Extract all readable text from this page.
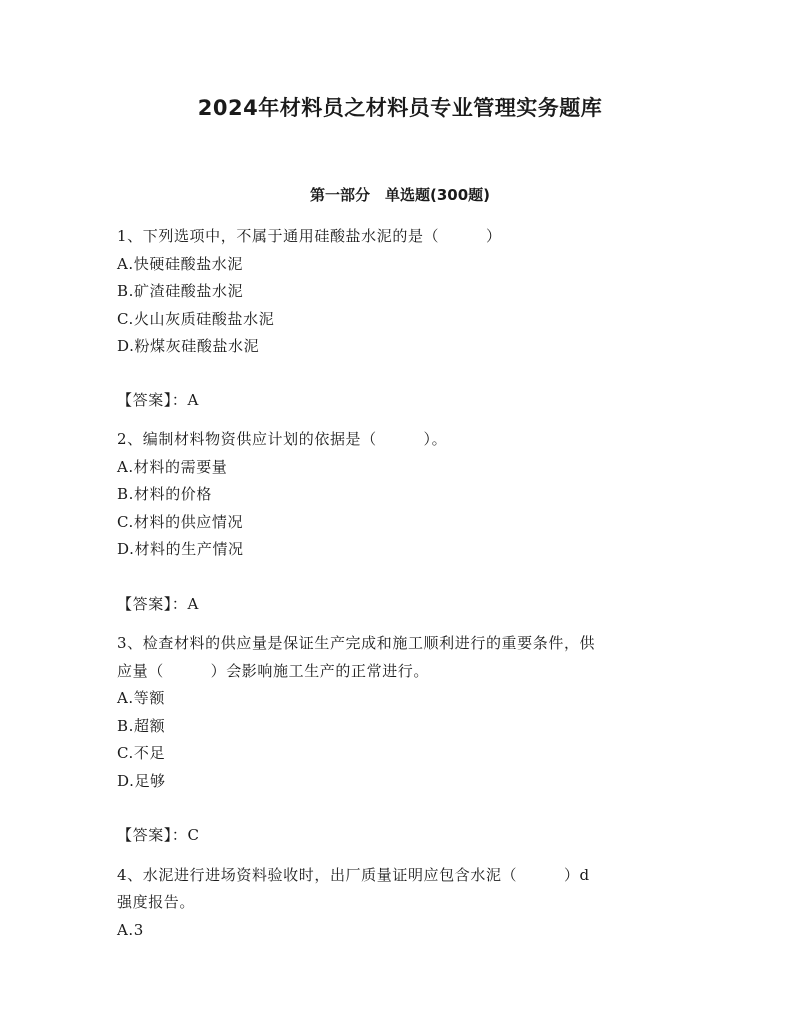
2024年材料员之材料员专业管理实务题库
第一部分　单选题(300题)
1、下列选项中，不属于通用硅酸盐水泥的是（　　　）
A.快硬硅酸盐水泥
B.矿渣硅酸盐水泥
C.火山灰质硅酸盐水泥
D.粉煤灰硅酸盐水泥
【答案】：A
2、编制材料物资供应计划的依据是（　　　）。
A.材料的需要量
B.材料的价格
C.材料的供应情况
D.材料的生产情况
【答案】：A
3、检查材料的供应量是保证生产完成和施工顺利进行的重要条件，供
应量（　　　）会影响施工生产的正常进行。
A.等额
B.超额
C.不足
D.足够
【答案】：C
4、水泥进行进场资料验收时，出厂质量证明应包含水泥（　　　）d
强度报告。
A.3
